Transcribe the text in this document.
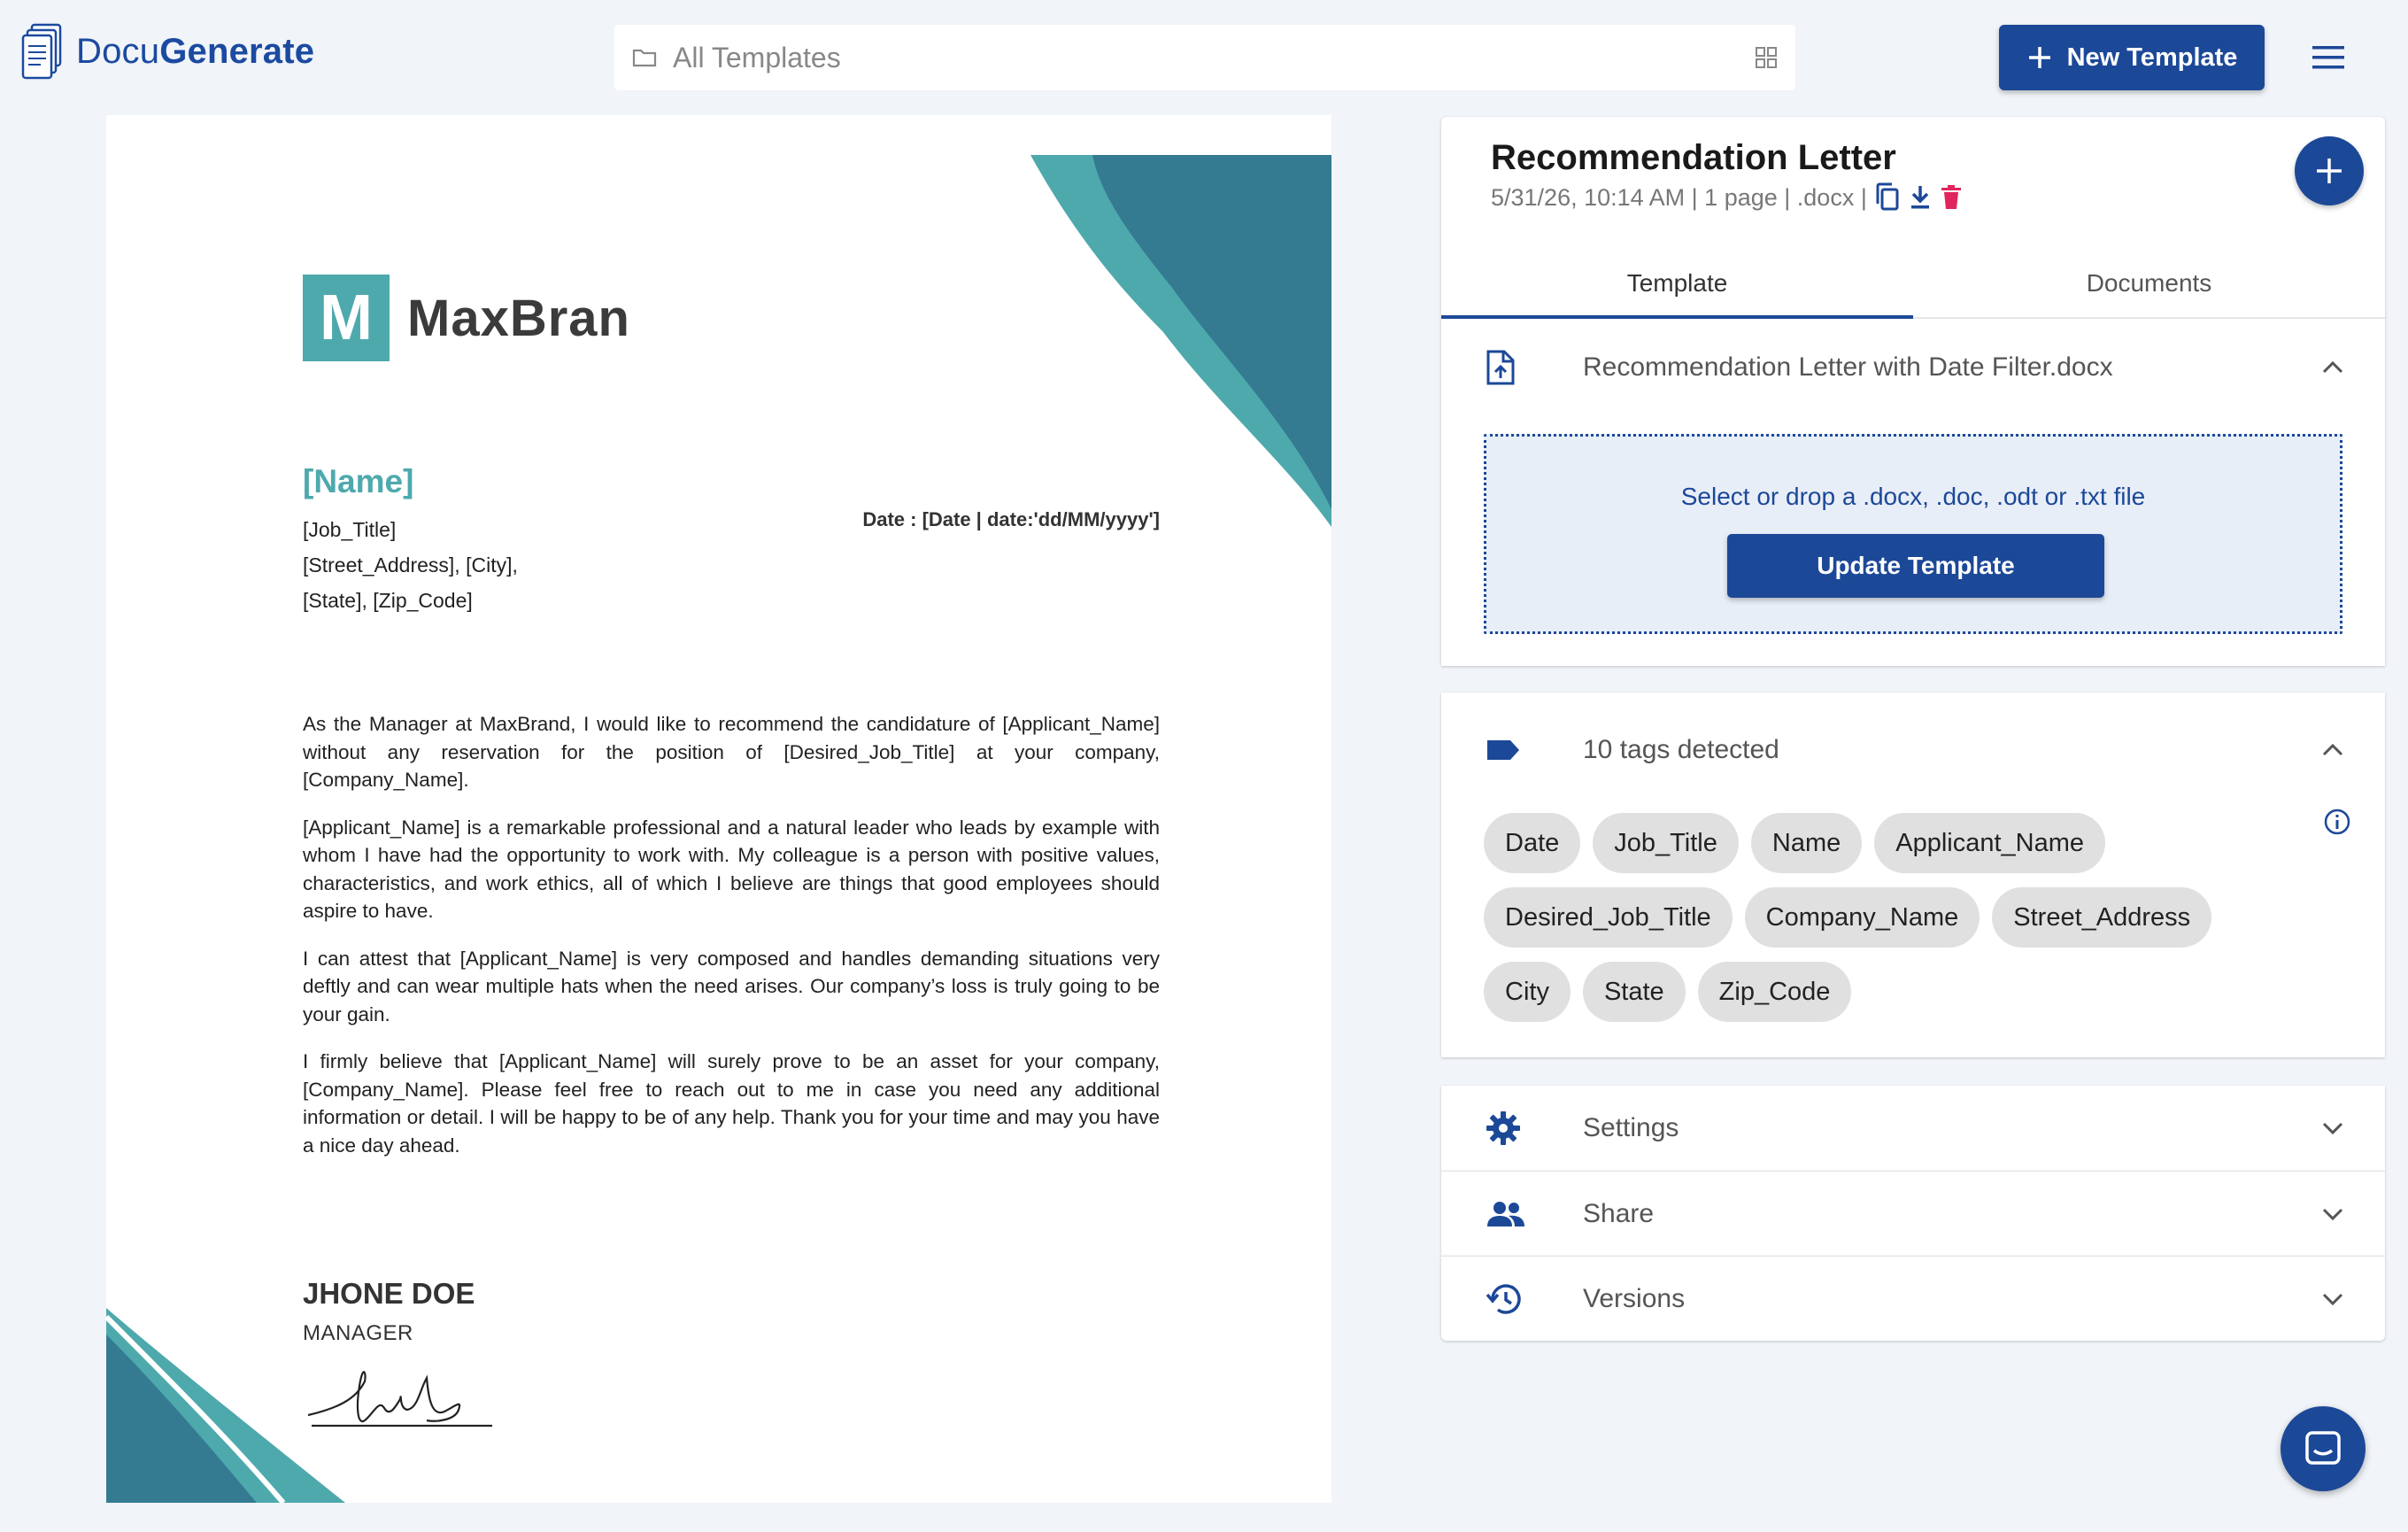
DocuGenerate	All Templates	New Template
M MaxBran
[Name]
[Job_Title]
[Street_Address], [City],
[State], [Zip_Code]
Date : [Date | date:'dd/MM/yyyy']

As the Manager at MaxBrand, I would like to recommend the candidature of [Applicant_Name] without any reservation for the position of [Desired_Job_Title] at your company, [Company_Name].

[Applicant_Name] is a remarkable professional and a natural leader who leads by example with whom I have had the opportunity to work with. My colleague is a person with positive values, characteristics, and work ethics, all of which I believe are things that good employees should aspire to have.

I can attest that [Applicant_Name] is very composed and handles demanding situations very deftly and can wear multiple hats when the need arises. Our company’s loss is truly going to be your gain.

I firmly believe that [Applicant_Name] will surely prove to be an asset for your company, [Company_Name]. Please feel free to reach out to me in case you need any additional information or detail. I will be happy to be of any help. Thank you for your time and may you have a nice day ahead.

JHONE DOE
MANAGER
Recommendation Letter
5/31/26, 10:14 AM | 1 page | .docx |
Template	Documents
Recommendation Letter with Date Filter.docx
Select or drop a .docx, .doc, .odt or .txt file
Update Template
10 tags detected
Date	Job_Title	Name	Applicant_Name
Desired_Job_Title	Company_Name	Street_Address
City	State	Zip_Code
Settings
Share
Versions
